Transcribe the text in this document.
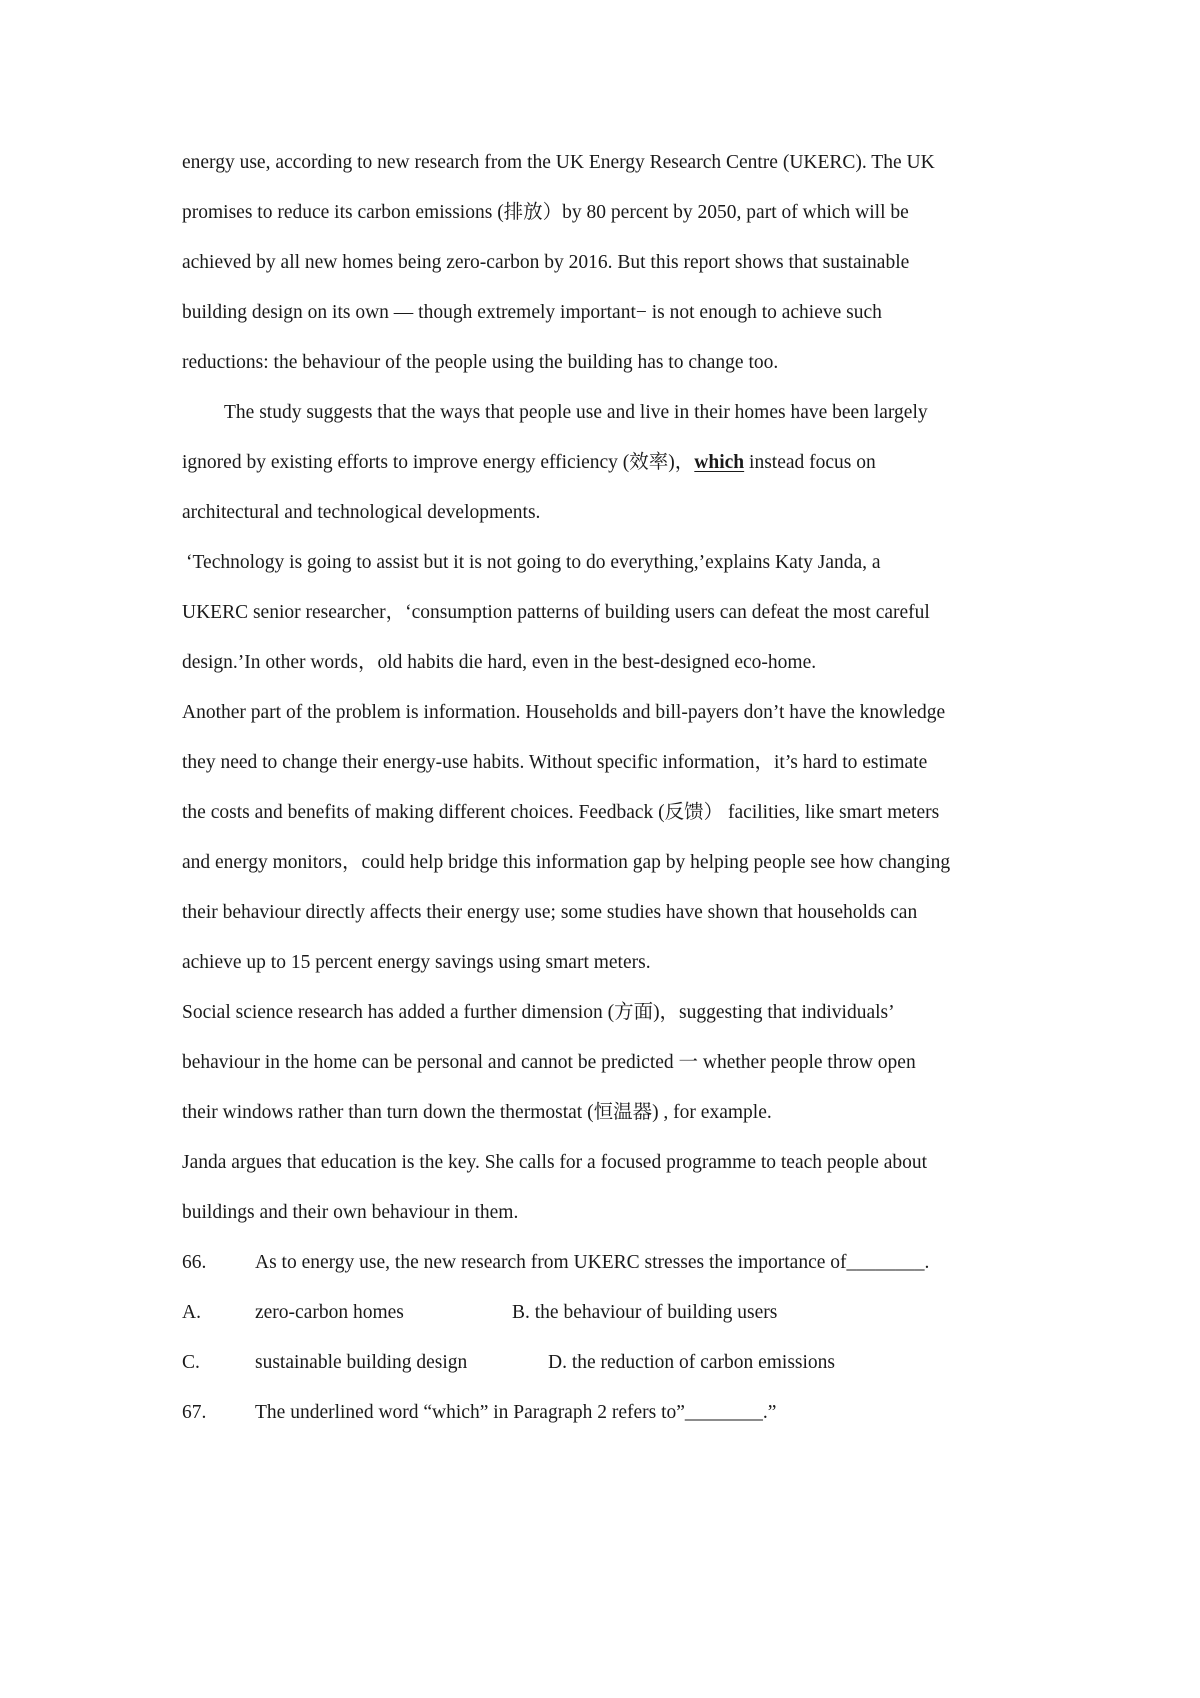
energy use, according to new research from the UK Energy Research Centre (UKERC). The UK
promises to reduce its carbon emissions (排放）by 80 percent by 2050, part of which will be
achieved by all new homes being zero-carbon by 2016. But this report shows that sustainable
building design on its own — though extremely important− is not enough to achieve such
reductions: the behaviour of the people using the building has to change too.
The study suggests that the ways that people use and live in their homes have been largely
ignored by existing efforts to improve energy efficiency (效率)，which instead focus on
architectural and technological developments.
‘Technology is going to assist but it is not going to do everything,’explains Katy Janda, a
UKERC senior researcher，‘consumption patterns of building users can defeat the most careful
design.’In other words，old habits die hard, even in the best-designed eco-home.
Another part of the problem is information. Households and bill-payers don’t have the knowledge
they need to change their energy-use habits. Without specific information，it’s hard to estimate
the costs and benefits of making different choices. Feedback (反馈） facilities, like smart meters
and energy monitors，could help bridge this information gap by helping people see how changing
their behaviour directly affects their energy use; some studies have shown that households can
achieve up to 15 percent energy savings using smart meters.
Social science research has added a further dimension (方面)，suggesting that individuals’
behaviour in the home can be personal and cannot be predicted 一 whether people throw open
their windows rather than turn down the thermostat (恒温器) , for example.
Janda argues that education is the key. She calls for a focused programme to teach people about
buildings and their own behaviour in them.
66. As to energy use, the new research from UKERC stresses the importance of________.
A.	zero-carbon homes	B. the behaviour of building users
C.	sustainable building design	D. the reduction of carbon emissions
67. The underlined word “which” in Paragraph 2 refers to”________.”
